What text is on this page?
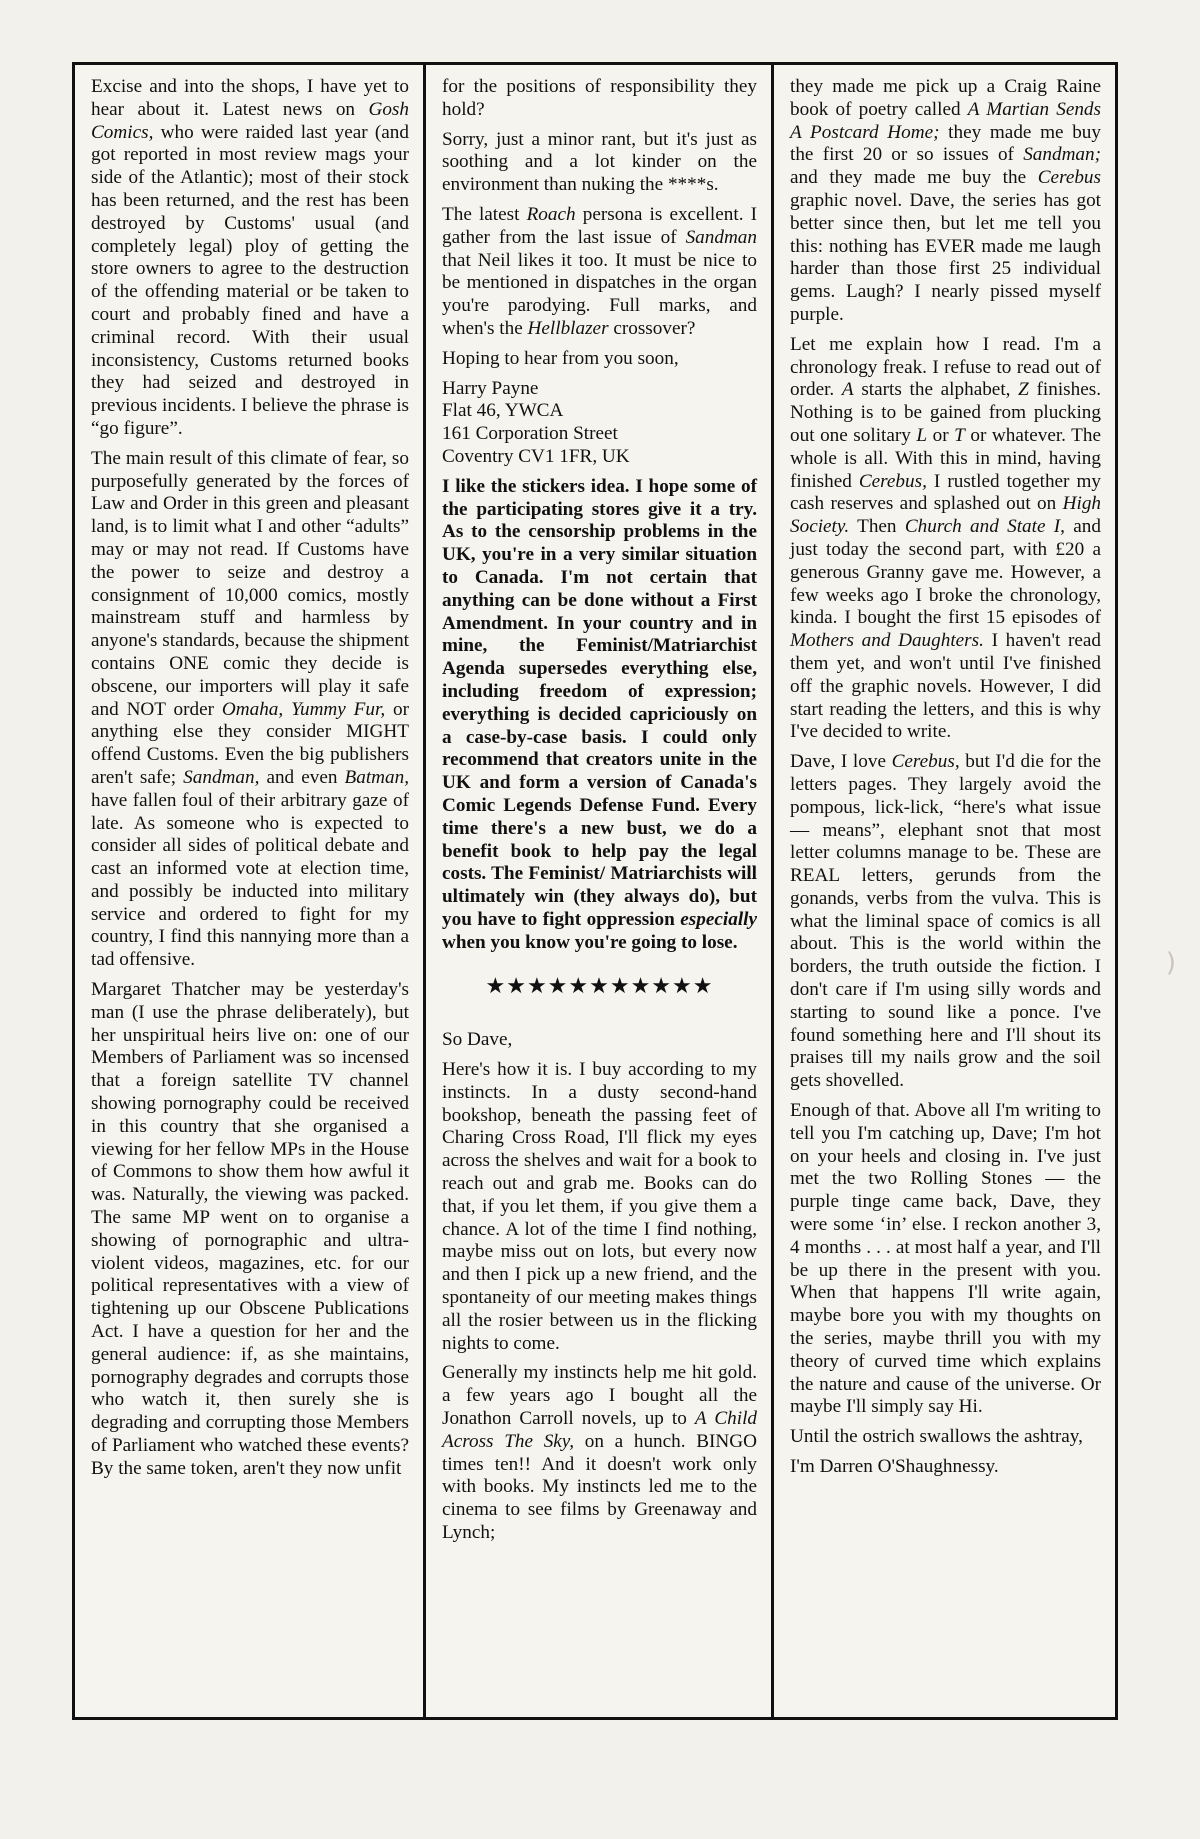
Excise and into the shops, I have yet to hear about it. Latest news on Gosh Comics, who were raided last year (and got reported in most review mags your side of the Atlantic); most of their stock has been returned, and the rest has been destroyed by Customs' usual (and completely legal) ploy of getting the store owners to agree to the destruction of the offending material or be taken to court and probably fined and have a criminal record. With their usual inconsistency, Customs returned books they had seized and destroyed in previous incidents. I believe the phrase is “go figure”.

The main result of this climate of fear, so purposefully generated by the forces of Law and Order in this green and pleasant land, is to limit what I and other “adults” may or may not read. If Customs have the power to seize and destroy a consignment of 10,000 comics, mostly mainstream stuff and harmless by anyone's standards, because the shipment contains ONE comic they decide is obscene, our importers will play it safe and NOT order Omaha, Yummy Fur, or anything else they consider MIGHT offend Customs. Even the big publishers aren't safe; Sandman, and even Batman, have fallen foul of their arbitrary gaze of late. As someone who is expected to consider all sides of political debate and cast an informed vote at election time, and possibly be inducted into military service and ordered to fight for my country, I find this nannying more than a tad offensive.

Margaret Thatcher may be yesterday's man (I use the phrase deliberately), but her unspiritual heirs live on: one of our Members of Parliament was so incensed that a foreign satellite TV channel showing pornography could be received in this country that she organised a viewing for her fellow MPs in the House of Commons to show them how awful it was. Naturally, the viewing was packed. The same MP went on to organise a showing of pornographic and ultra-violent videos, magazines, etc. for our political representatives with a view of tightening up our Obscene Publications Act. I have a question for her and the general audience: if, as she maintains, pornography degrades and corrupts those who watch it, then surely she is degrading and corrupting those Members of Parliament who watched these events? By the same token, aren't they now unfit

for the positions of responsibility they hold?

Sorry, just a minor rant, but it's just as soothing and a lot kinder on the environment than nuking the ****s.

The latest Roach persona is excellent. I gather from the last issue of Sandman that Neil likes it too. It must be nice to be mentioned in dispatches in the organ you're parodying. Full marks, and when's the Hellblazer crossover?

Hoping to hear from you soon,

Harry Payne
Flat 46, YWCA
161 Corporation Street
Coventry CV1 1FR, UK

I like the stickers idea. I hope some of the participating stores give it a try. As to the censorship problems in the UK, you're in a very similar situation to Canada. I'm not certain that anything can be done without a First Amendment. In your country and in mine, the Feminist/Matriarchist Agenda supersedes everything else, including freedom of expression; everything is decided capriciously on a case-by-case basis. I could only recommend that creators unite in the UK and form a version of Canada's Comic Legends Defense Fund. Every time there's a new bust, we do a benefit book to help pay the legal costs. The Feminist/ Matriarchists will ultimately win (they always do), but you have to fight oppression especially when you know you're going to lose.

★★★★★★★★★★★

So Dave,

Here's how it is. I buy according to my instincts. In a dusty second-hand bookshop, beneath the passing feet of Charing Cross Road, I'll flick my eyes across the shelves and wait for a book to reach out and grab me. Books can do that, if you let them, if you give them a chance. A lot of the time I find nothing, maybe miss out on lots, but every now and then I pick up a new friend, and the spontaneity of our meeting makes things all the rosier between us in the flicking nights to come.

Generally my instincts help me hit gold. a few years ago I bought all the Jonathon Carroll novels, up to A Child Across The Sky, on a hunch. BINGO times ten!! And it doesn't work only with books. My instincts led me to the cinema to see films by Greenaway and Lynch;

they made me pick up a Craig Raine book of poetry called A Martian Sends A Postcard Home; they made me buy the first 20 or so issues of Sandman; and they made me buy the Cerebus graphic novel. Dave, the series has got better since then, but let me tell you this: nothing has EVER made me laugh harder than those first 25 individual gems. Laugh? I nearly pissed myself purple.

Let me explain how I read. I'm a chronology freak. I refuse to read out of order. A starts the alphabet, Z finishes. Nothing is to be gained from plucking out one solitary L or T or whatever. The whole is all. With this in mind, having finished Cerebus, I rustled together my cash reserves and splashed out on High Society. Then Church and State I, and just today the second part, with £20 a generous Granny gave me. However, a few weeks ago I broke the chronology, kinda. I bought the first 15 episodes of Mothers and Daughters. I haven't read them yet, and won't until I've finished off the graphic novels. However, I did start reading the letters, and this is why I've decided to write.

Dave, I love Cerebus, but I'd die for the letters pages. They largely avoid the pompous, lick-lick, “here's what issue — means”, elephant snot that most letter columns manage to be. These are REAL letters, gerunds from the gonands, verbs from the vulva. This is what the liminal space of comics is all about. This is the world within the borders, the truth outside the fiction. I don't care if I'm using silly words and starting to sound like a ponce. I've found something here and I'll shout its praises till my nails grow and the soil gets shovelled.

Enough of that. Above all I'm writing to tell you I'm catching up, Dave; I'm hot on your heels and closing in. I've just met the two Rolling Stones — the purple tinge came back, Dave, they were some ‘in’ else. I reckon another 3, 4 months . . . at most half a year, and I'll be up there in the present with you. When that happens I'll write again, maybe bore you with my thoughts on the series, maybe thrill you with my theory of curved time which explains the nature and cause of the universe. Or maybe I'll simply say Hi.

Until the ostrich swallows the ashtray,

I'm Darren O'Shaughnessy.

)
